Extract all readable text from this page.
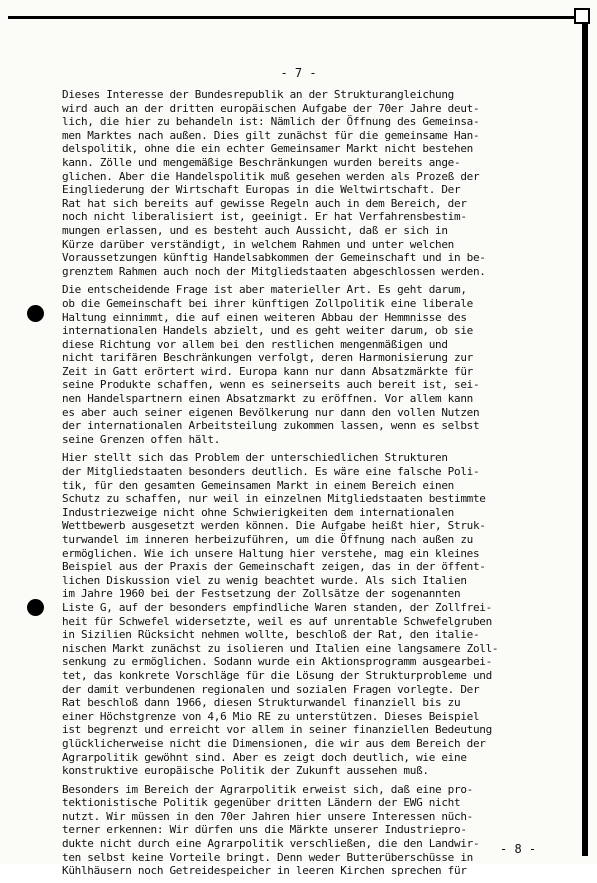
- 7 -
Dieses Interesse der Bundesrepublik an der Strukturangleichung
wird auch an der dritten europäischen Aufgabe der 70er Jahre deut-
lich, die hier zu behandeln ist: Nämlich der Öffnung des Gemeinsa-
men Marktes nach außen. Dies gilt zunächst für die gemeinsame Han-
delspolitik, ohne die ein echter Gemeinsamer Markt nicht bestehen
kann. Zölle und mengemäßige Beschränkungen wurden bereits ange-
glichen. Aber die Handelspolitik muß gesehen werden als Prozeß der
Eingliederung der Wirtschaft Europas in die Weltwirtschaft. Der
Rat hat sich bereits auf gewisse Regeln auch in dem Bereich, der
noch nicht liberalisiert ist, geeinigt. Er hat Verfahrensbestim-
mungen erlassen, und es besteht auch Aussicht, daß er sich in
Kürze darüber verständigt, in welchem Rahmen und unter welchen
Voraussetzungen künftig Handelsabkommen der Gemeinschaft und in be-
grenztem Rahmen auch noch der Mitgliedstaaten abgeschlossen werden.
Die entscheidende Frage ist aber materieller Art. Es geht darum,
ob die Gemeinschaft bei ihrer künftigen Zollpolitik eine liberale
Haltung einnimmt, die auf einen weiteren Abbau der Hemmnisse des
internationalen Handels abzielt, und es geht weiter darum, ob sie
diese Richtung vor allem bei den restlichen mengenmäßigen und
nicht tarifären Beschränkungen verfolgt, deren Harmonisierung zur
Zeit in Gatt erörtert wird. Europa kann nur dann Absatzmärkte für
seine Produkte schaffen, wenn es seinerseits auch bereit ist, sei-
nen Handelspartnern einen Absatzmarkt zu eröffnen. Vor allem kann
es aber auch seiner eigenen Bevölkerung nur dann den vollen Nutzen
der internationalen Arbeitsteilung zukommen lassen, wenn es selbst
seine Grenzen offen hält.
Hier stellt sich das Problem der unterschiedlichen Strukturen
der Mitgliedstaaten besonders deutlich. Es wäre eine falsche Poli-
tik, für den gesamten Gemeinsamen Markt in einem Bereich einen
Schutz zu schaffen, nur weil in einzelnen Mitgliedstaaten bestimmte
Industriezweige nicht ohne Schwierigkeiten dem internationalen
Wettbewerb ausgesetzt werden können. Die Aufgabe heißt hier, Struk-
turwandel im inneren herbeizuführen, um die Öffnung nach außen zu
ermöglichen. Wie ich unsere Haltung hier verstehe, mag ein kleines
Beispiel aus der Praxis der Gemeinschaft zeigen, das in der öffent-
lichen Diskussion viel zu wenig beachtet wurde. Als sich Italien
im Jahre 1960 bei der Festsetzung der Zollsätze der sogenannten
Liste G, auf der besonders empfindliche Waren standen, der Zollfrei-
heit für Schwefel widersetzte, weil es auf unrentable Schwefelgruben
in Sizilien Rücksicht nehmen wollte, beschloß der Rat, den italie-
nischen Markt zunächst zu isolieren und Italien eine langsamere Zoll-
senkung zu ermöglichen. Sodann wurde ein Aktionsprogramm ausgearbei-
tet, das konkrete Vorschläge für die Lösung der Strukturprobleme und
der damit verbundenen regionalen und sozialen Fragen vorlegte. Der
Rat beschloß dann 1966, diesen Strukturwandel finanziell bis zu
einer Höchstgrenze von 4,6 Mio RE zu unterstützen. Dieses Beispiel
ist begrenzt und erreicht vor allem in seiner finanziellen Bedeutung
glücklicherweise nicht die Dimensionen, die wir aus dem Bereich der
Agrarpolitik gewöhnt sind. Aber es zeigt doch deutlich, wie eine
konstruktive europäische Politik der Zukunft aussehen muß.
Besonders im Bereich der Agrarpolitik erweist sich, daß eine pro-
tektionistische Politik gegenüber dritten Ländern der EWG nicht
nutzt. Wir müssen in den 70er Jahren hier unsere Interessen nüch-
terner erkennen: Wir dürfen uns die Märkte unserer Industriepro-
dukte nicht durch eine Agrarpolitik verschließen, die den Landwir-
ten selbst keine Vorteile bringt. Denn weder Butterüberschüsse in
Kühlhäusern noch Getreidespeicher in leeren Kirchen sprechen für
- 8 -
